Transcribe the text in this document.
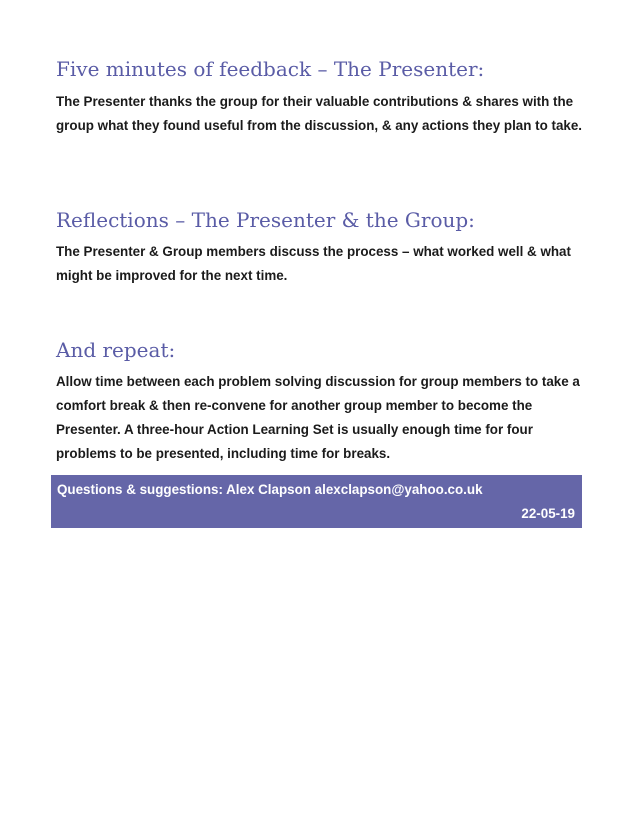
Five minutes of feedback – The Presenter:

The Presenter thanks the group for their valuable contributions & shares with the group what they found useful from the discussion, & any actions they plan to take.

Reflections – The Presenter & the Group:

The Presenter & Group members discuss the process – what worked well & what might be improved for the next time.

And repeat:

Allow time between each problem solving discussion for group members to take a comfort break & then re-convene for another group member to become the Presenter. A three-hour Action Learning Set is usually enough time for four problems to be presented, including time for breaks.

Questions & suggestions: Alex Clapson alexclapson@yahoo.co.uk

22-05-19
